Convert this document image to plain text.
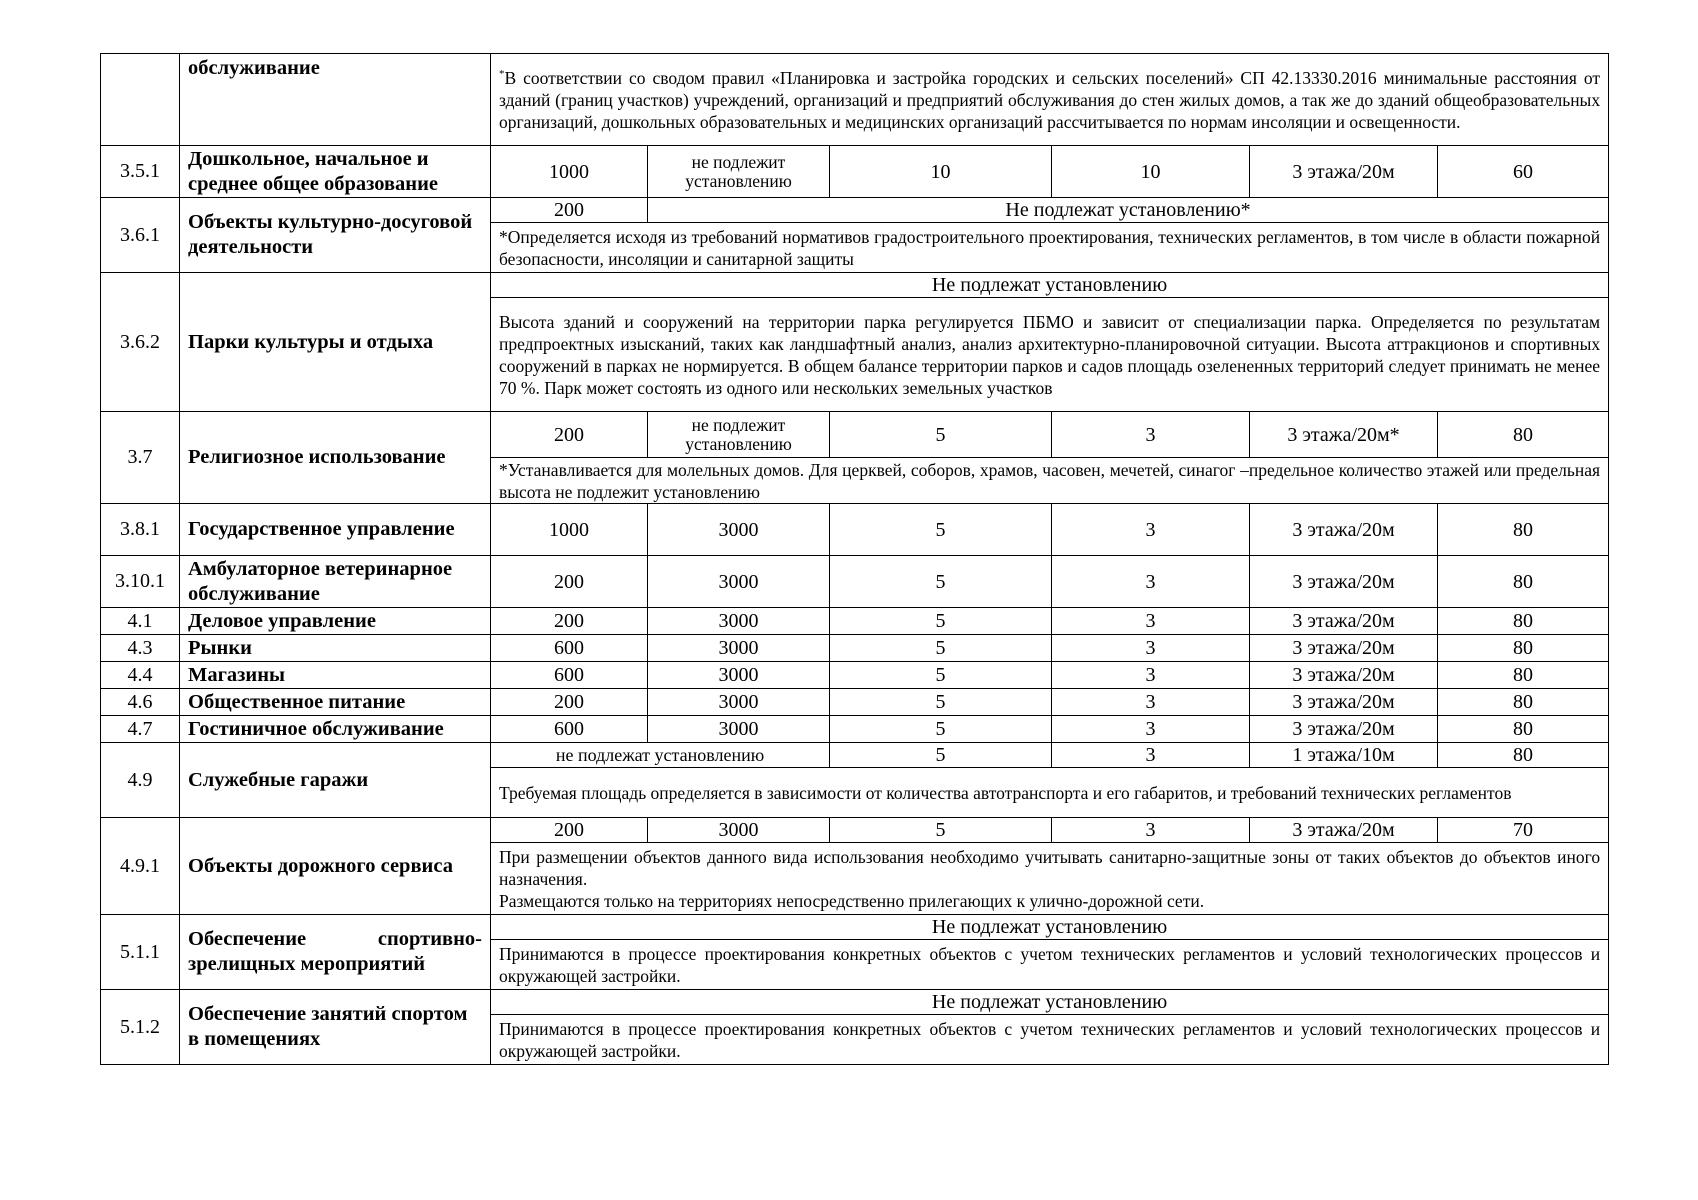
	обслуживание	*В соответствии со сводом правил «Планировка и застройка городских и сельских поселений» СП 42.13330.2016 минимальные расстояния от зданий (границ участков) учреждений, организаций и предприятий обслуживания до стен жилых домов, а так же до зданий общеобразовательных организаций, дошкольных образовательных и медицинских организаций рассчитывается по нормам инсоляции и освещенности.					
3.5.1	Дошкольное, начальное и среднее общее образование	1000	не подлежит установлению	10	10	3 этажа/20м	60
3.6.1	Объекты культурно-досуговой деятельности	200	Не подлежат установлению*				
		*Определяется исходя из требований нормативов градостроительного проектирования, технических регламентов, в том числе в области пожарной безопасности, инсоляции и санитарной защиты					
3.6.2	Парки культуры и отдыха	Не подлежат установлению					
		Высота зданий и сооружений на территории парка регулируется ПБМО и зависит от специализации парка. Определяется по результатам предпроектных изысканий, таких как ландшафтный анализ, анализ архитектурно-планировочной ситуации. Высота аттракционов и спортивных сооружений в парках не нормируется. В общем балансе территории парков и садов площадь озелененных территорий следует принимать не менее 70 %. Парк может состоять из одного или нескольких земельных участков					
3.7	Религиозное использование	200	не подлежит установлению	5	3	3 этажа/20м*	80
		*Устанавливается для молельных домов. Для церквей, соборов, храмов, часовен, мечетей, синагог –предельное количество этажей или предельная высота не подлежит установлению					
3.8.1	Государственное управление	1000	3000	5	3	3 этажа/20м	80
3.10.1	Амбулаторное ветеринарное обслуживание	200	3000	5	3	3 этажа/20м	80
4.1	Деловое управление	200	3000	5	3	3 этажа/20м	80
4.3	Рынки	600	3000	5	3	3 этажа/20м	80
4.4	Магазины	600	3000	5	3	3 этажа/20м	80
4.6	Общественное питание	200	3000	5	3	3 этажа/20м	80
4.7	Гостиничное обслуживание	600	3000	5	3	3 этажа/20м	80
4.9	Служебные гаражи	не подлежат установлению		5	3	1 этажа/10м	80
		Требуемая площадь определяется в зависимости от количества автотранспорта и его габаритов, и требований технических регламентов					
4.9.1	Объекты дорожного сервиса	200	3000	5	3	3 этажа/20м	70

		При размещении объектов данного вида использования необходимо учитывать санитарно-защитные зоны от таких объектов до объектов иного назначения.
Размещаются только на территориях непосредственно прилегающих к улично-дорожной сети.					

5.1.1	Обеспечение спортивно-зрелищных мероприятий	Не подлежат установлению					
		Принимаются в процессе проектирования конкретных объектов с учетом технических регламентов и условий технологических процессов и окружающей застройки.					
5.1.2	Обеспечение занятий спортом в помещениях	Не подлежат установлению					
		Принимаются в процессе проектирования конкретных объектов с учетом технических регламентов и условий технологических процессов и окружающей застройки.					
